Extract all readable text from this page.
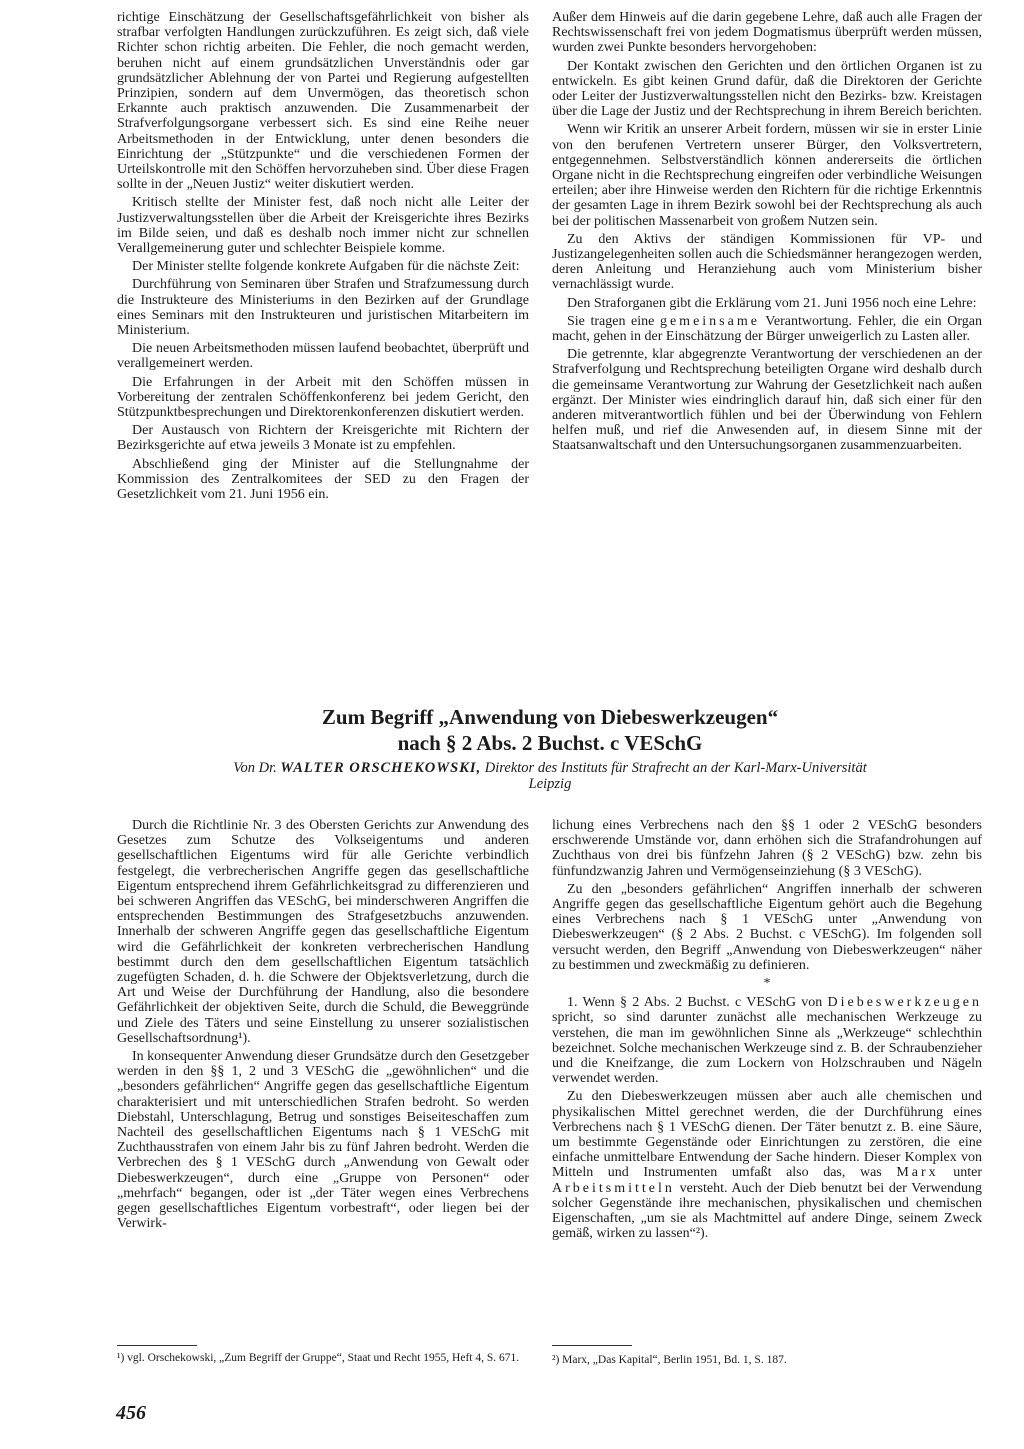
richtige Einschätzung der Gesellschaftsgefährlichkeit von bisher als strafbar verfolgten Handlungen zurückzuführen. Es zeigt sich, daß viele Richter schon richtig arbeiten. Die Fehler, die noch gemacht werden, beruhen nicht auf einem grundsätzlichen Unverständnis oder gar grundsätzlicher Ablehnung der von Partei und Regierung aufgestellten Prinzipien, sondern auf dem Unvermögen, das theoretisch schon Erkannte auch praktisch anzuwenden. Die Zusammenarbeit der Strafverfolgungsorgane verbessert sich. Es sind eine Reihe neuer Arbeitsmethoden in der Entwicklung, unter denen besonders die Einrichtung der „Stützpunkte“ und die verschiedenen Formen der Urteilskontrolle mit den Schöffen hervorzuheben sind. Über diese Fragen sollte in der „Neuen Justiz“ weiter diskutiert werden.

Kritisch stellte der Minister fest, daß noch nicht alle Leiter der Justizverwaltungsstellen über die Arbeit der Kreisgerichte ihres Bezirks im Bilde seien, und daß es deshalb noch immer nicht zur schnellen Verallgemeinerung guter und schlechter Beispiele komme.

Der Minister stellte folgende konkrete Aufgaben für die nächste Zeit:

Durchführung von Seminaren über Strafen und Strafzumessung durch die Instrukteure des Ministeriums in den Bezirken auf der Grundlage eines Seminars mit den Instrukteuren und juristischen Mitarbeitern im Ministerium.

Die neuen Arbeitsmethoden müssen laufend beobachtet, überprüft und verallgemeinert werden.

Die Erfahrungen in der Arbeit mit den Schöffen müssen in Vorbereitung der zentralen Schöffenkonferenz bei jedem Gericht, den Stützpunktbesprechungen und Direktorenkonferenzen diskutiert werden.

Der Austausch von Richtern der Kreisgerichte mit Richtern der Bezirksgerichte auf etwa jeweils 3 Monate ist zu empfehlen.

Abschließend ging der Minister auf die Stellungnahme der Kommission des Zentralkomitees der SED zu den Fragen der Gesetzlichkeit vom 21. Juni 1956 ein.

Außer dem Hinweis auf die darin gegebene Lehre, daß auch alle Fragen der Rechtswissenschaft frei von jedem Dogmatismus überprüft werden müssen, wurden zwei Punkte besonders hervorgehoben:

Der Kontakt zwischen den Gerichten und den örtlichen Organen ist zu entwickeln. Es gibt keinen Grund dafür, daß die Direktoren der Gerichte oder Leiter der Justizverwaltungsstellen nicht den Bezirks- bzw. Kreistagen über die Lage der Justiz und der Rechtsprechung in ihrem Bereich berichten.

Wenn wir Kritik an unserer Arbeit fordern, müssen wir sie in erster Linie von den berufenen Vertretern unserer Bürger, den Volksvertretern, entgegennehmen. Selbstverständlich können andererseits die örtlichen Organe nicht in die Rechtsprechung eingreifen oder verbindliche Weisungen erteilen; aber ihre Hinweise werden den Richtern für die richtige Erkenntnis der gesamten Lage in ihrem Bezirk sowohl bei der Rechtsprechung als auch bei der politischen Massenarbeit von großem Nutzen sein.

Zu den Aktivs der ständigen Kommissionen für VP- und Justizangelegenheiten sollen auch die Schiedsmänner herangezogen werden, deren Anleitung und Heranziehung auch vom Ministerium bisher vernachlässigt wurde.

Den Straforganen gibt die Erklärung vom 21. Juni 1956 noch eine Lehre:

Sie tragen eine gemeinsame Verantwortung. Fehler, die ein Organ macht, gehen in der Einschätzung der Bürger unweigerlich zu Lasten aller.

Die getrennte, klar abgegrenzte Verantwortung der verschiedenen an der Strafverfolgung und Rechtsprechung beteiligten Organe wird deshalb durch die gemeinsame Verantwortung zur Wahrung der Gesetzlichkeit nach außen ergänzt. Der Minister wies eindringlich darauf hin, daß sich einer für den anderen mitverantwortlich fühlen und bei der Überwindung von Fehlern helfen muß, und rief die Anwesenden auf, in diesem Sinne mit der Staatsanwaltschaft und den Untersuchungsorganen zusammenzuarbeiten.

Zum Begriff „Anwendung von Diebeswerkzeugen“
nach § 2 Abs. 2 Buchst. c VESchG
Von Dr. WALTER ORSCHEKOWSKI, Direktor des Instituts für Strafrecht an der Karl-Marx-Universität
Leipzig

Durch die Richtlinie Nr. 3 des Obersten Gerichts zur Anwendung des Gesetzes zum Schutze des Volkseigentums und anderen gesellschaftlichen Eigentums wird für alle Gerichte verbindlich festgelegt, die verbrecherischen Angriffe gegen das gesellschaftliche Eigentum entsprechend ihrem Gefährlichkeitsgrad zu differenzieren und bei schweren Angriffen das VESchG, bei minderschweren Angriffen die entsprechenden Bestimmungen des Strafgesetzbuchs anzuwenden. Innerhalb der schweren Angriffe gegen das gesellschaftliche Eigentum wird die Gefährlichkeit der konkreten verbrecherischen Handlung bestimmt durch den dem gesellschaftlichen Eigentum tatsächlich zugefügten Schaden, d. h. die Schwere der Objektsverletzung, durch die Art und Weise der Durchführung der Handlung, also die besondere Gefährlichkeit der objektiven Seite, durch die Schuld, die Beweggründe und Ziele des Täters und seine Einstellung zu unserer sozialistischen Gesellschaftsordnung¹).

In konsequenter Anwendung dieser Grundsätze durch den Gesetzgeber werden in den §§ 1, 2 und 3 VESchG die „gewöhnlichen“ und die „besonders gefährlichen“ Angriffe gegen das gesellschaftliche Eigentum charakterisiert und mit unterschiedlichen Strafen bedroht. So werden Diebstahl, Unterschlagung, Betrug und sonstiges Beiseiteschaffen zum Nachteil des gesellschaftlichen Eigentums nach § 1 VESchG mit Zuchthausstrafen von einem Jahr bis zu fünf Jahren bedroht. Werden die Verbrechen des § 1 VESchG durch „Anwendung von Gewalt oder Diebeswerkzeugen“, durch eine „Gruppe von Personen“ oder „mehrfach“ begangen, oder ist „der Täter wegen eines Verbrechens gegen gesellschaftliches Eigentum vorbestraft“, oder liegen bei der Verwirk-

lichung eines Verbrechens nach den §§ 1 oder 2 VESchG besonders erschwerende Umstände vor, dann erhöhen sich die Strafandrohungen auf Zuchthaus von drei bis fünfzehn Jahren (§ 2 VESchG) bzw. zehn bis fünfundzwanzig Jahren und Vermögenseinziehung (§ 3 VESchG).

Zu den „besonders gefährlichen“ Angriffen innerhalb der schweren Angriffe gegen das gesellschaftliche Eigentum gehört auch die Begehung eines Verbrechens nach § 1 VESchG unter „Anwendung von Diebeswerkzeugen“ (§ 2 Abs. 2 Buchst. c VESchG). Im folgenden soll versucht werden, den Begriff „Anwendung von Diebeswerkzeugen“ näher zu bestimmen und zweckmäßig zu definieren.

*

1. Wenn § 2 Abs. 2 Buchst. c VESchG von Diebeswerkzeugen spricht, so sind darunter zunächst alle mechanischen Werkzeuge zu verstehen, die man im gewöhnlichen Sinne als „Werkzeuge“ schlechthin bezeichnet. Solche mechanischen Werkzeuge sind z. B. der Schraubenzieher und die Kneifzange, die zum Lockern von Holzschrauben und Nägeln verwendet werden.

Zu den Diebeswerkzeugen müssen aber auch alle chemischen und physikalischen Mittel gerechnet werden, die der Durchführung eines Verbrechens nach § 1 VESchG dienen. Der Täter benutzt z. B. eine Säure, um bestimmte Gegenstände oder Einrichtungen zu zerstören, die eine einfache unmittelbare Entwendung der Sache hindern. Dieser Komplex von Mitteln und Instrumenten umfaßt also das, was Marx unter Arbeitsmitteln versteht. Auch der Dieb benutzt bei der Verwendung solcher Gegenstände ihre mechanischen, physikalischen und chemischen Eigenschaften, „um sie als Machtmittel auf andere Dinge, seinem Zweck gemäß, wirken zu lassen“²).

¹) vgl. Orschekowski, „Zum Begriff der Gruppe“, Staat und Recht 1955, Heft 4, S. 671.	²) Marx, „Das Kapital“, Berlin 1951, Bd. 1, S. 187.
456
